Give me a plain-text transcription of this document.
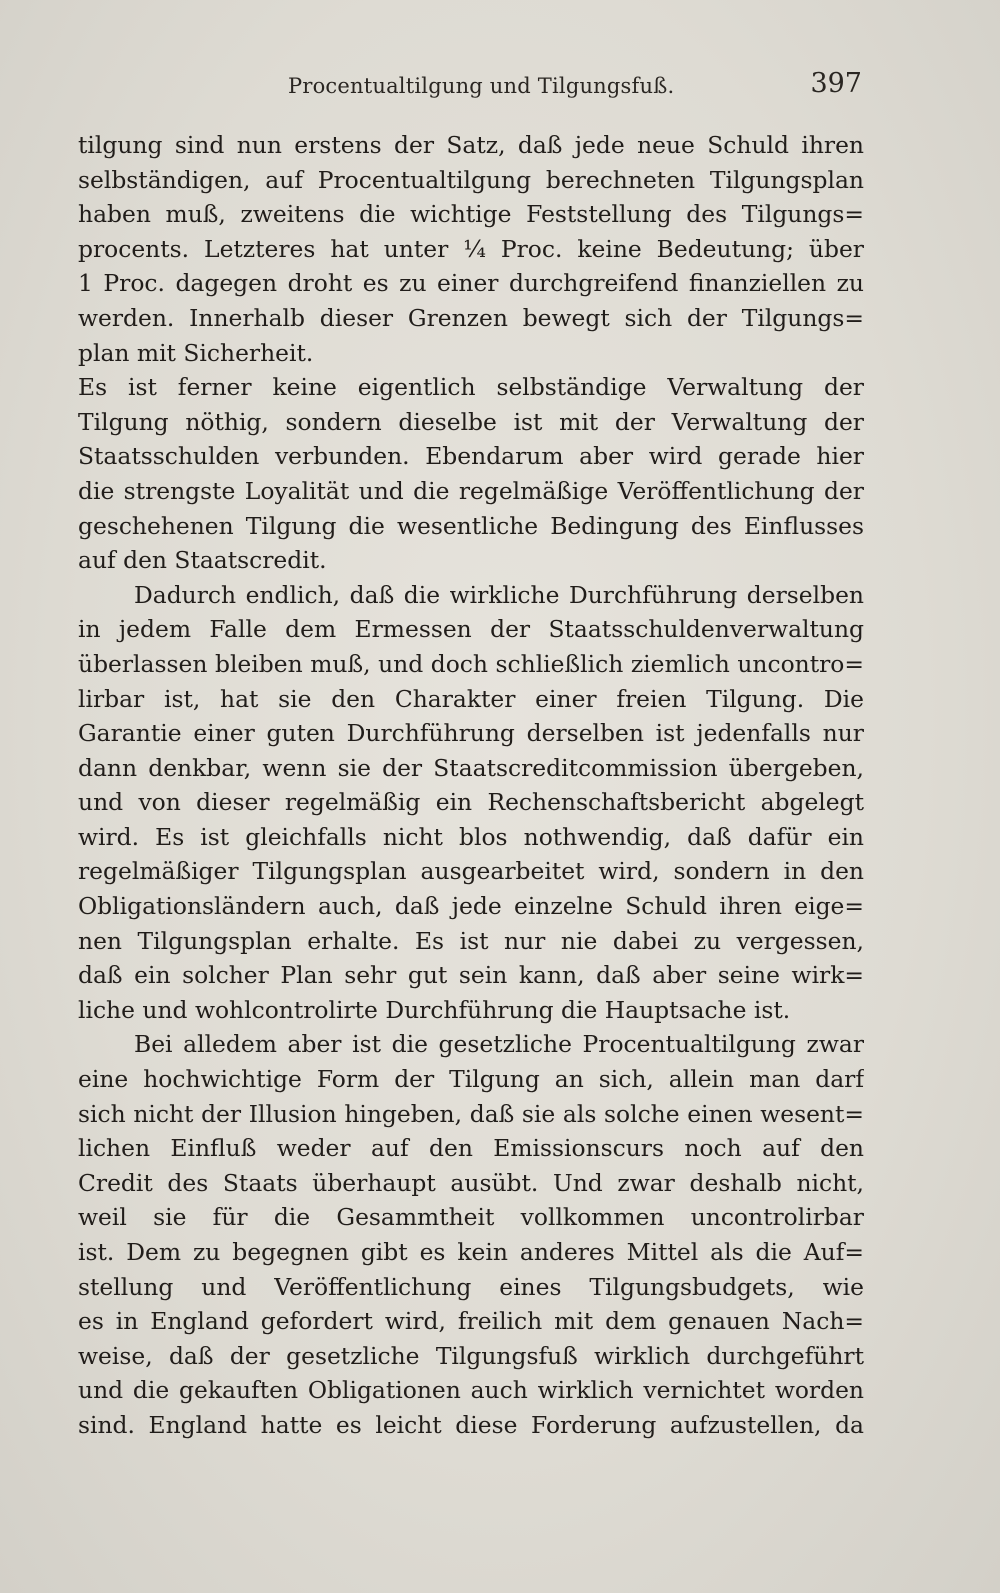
Procentualtilgung und Tilgungsfuß.	397
tilgung sind nun erstens der Satz, daß jede neue Schuld ihren
selbständigen, auf Procentualtilgung berechneten Tilgungsplan
haben muß, zweitens die wichtige Feststellung des Tilgungs=
procents. Letzteres hat unter ¼ Proc. keine Bedeutung; über
1 Proc. dagegen droht es zu einer durchgreifend finanziellen zu
werden. Innerhalb dieser Grenzen bewegt sich der Tilgungs=
plan mit Sicherheit.
Es ist ferner keine eigentlich selbständige Verwaltung der
Tilgung nöthig, sondern dieselbe ist mit der Verwaltung der
Staatsschulden verbunden. Ebendarum aber wird gerade hier
die strengste Loyalität und die regelmäßige Veröffentlichung der
geschehenen Tilgung die wesentliche Bedingung des Einflusses
auf den Staatscredit.
Dadurch endlich, daß die wirkliche Durchführung derselben
in jedem Falle dem Ermessen der Staatsschuldenverwaltung
überlassen bleiben muß, und doch schließlich ziemlich uncontro=
lirbar ist, hat sie den Charakter einer freien Tilgung. Die
Garantie einer guten Durchführung derselben ist jedenfalls nur
dann denkbar, wenn sie der Staatscreditcommission übergeben,
und von dieser regelmäßig ein Rechenschaftsbericht abgelegt
wird. Es ist gleichfalls nicht blos nothwendig, daß dafür ein
regelmäßiger Tilgungsplan ausgearbeitet wird, sondern in den
Obligationsländern auch, daß jede einzelne Schuld ihren eige=
nen Tilgungsplan erhalte. Es ist nur nie dabei zu vergessen,
daß ein solcher Plan sehr gut sein kann, daß aber seine wirk=
liche und wohlcontrolirte Durchführung die Hauptsache ist.
Bei alledem aber ist die gesetzliche Procentualtilgung zwar
eine hochwichtige Form der Tilgung an sich, allein man darf
sich nicht der Illusion hingeben, daß sie als solche einen wesent=
lichen Einfluß weder auf den Emissionscurs noch auf den
Credit des Staats überhaupt ausübt. Und zwar deshalb nicht,
weil sie für die Gesammtheit vollkommen uncontrolirbar
ist. Dem zu begegnen gibt es kein anderes Mittel als die Auf=
stellung und Veröffentlichung eines Tilgungsbudgets, wie
es in England gefordert wird, freilich mit dem genauen Nach=
weise, daß der gesetzliche Tilgungsfuß wirklich durchgeführt
und die gekauften Obligationen auch wirklich vernichtet worden
sind. England hatte es leicht diese Forderung aufzustellen, da
